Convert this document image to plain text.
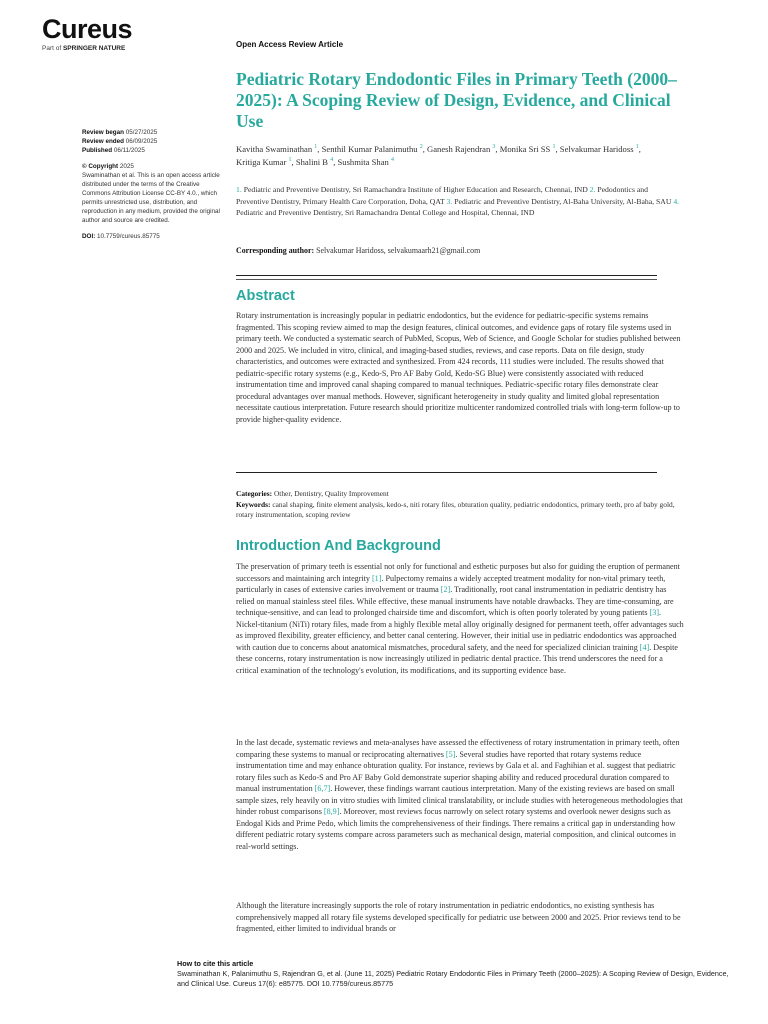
Cureus
Part of SPRINGER NATURE	Open Access Review Article
Pediatric Rotary Endodontic Files in Primary Teeth (2000–2025): A Scoping Review of Design, Evidence, and Clinical Use
Review began 05/27/2025
Review ended 06/09/2025
Published 06/11/2025
© Copyright 2025
Swaminathan et al. This is an open access article distributed under the terms of the Creative Commons Attribution License CC-BY 4.0., which permits unrestricted use, distribution, and reproduction in any medium, provided the original author and source are credited.
DOI: 10.7759/cureus.85775
Kavitha Swaminathan $^1$, Senthil Kumar Palanimuthu $^2$, Ganesh Rajendran $^3$, Monika Sri SS $^1$, Selvakumar Haridoss $^1$, Kritiga Kumar $^1$, Shalini B $^4$, Sushmita Shan $^4$
1. Pediatric and Preventive Dentistry, Sri Ramachandra Institute of Higher Education and Research, Chennai, IND 2. Pedodontics and Preventive Dentistry, Primary Health Care Corporation, Doha, QAT 3. Pediatric and Preventive Dentistry, Al-Baha University, Al-Baha, SAU 4. Pediatric and Preventive Dentistry, Sri Ramachandra Dental College and Hospital, Chennai, IND
Corresponding author: Selvakumar Haridoss, selvakumaarh21@gmail.com
Abstract

Rotary instrumentation is increasingly popular in pediatric endodontics, but the evidence for pediatric-specific systems remains fragmented. This scoping review aimed to map the design features, clinical outcomes, and evidence gaps of rotary file systems used in primary teeth. We conducted a systematic search of PubMed, Scopus, Web of Science, and Google Scholar for studies published between 2000 and 2025. We included in vitro, clinical, and imaging-based studies, reviews, and case reports. Data on file design, study characteristics, and outcomes were extracted and synthesized. From 424 records, 111 studies were included. The results showed that pediatric-specific rotary systems (e.g., Kedo-S, Pro AF Baby Gold, Kedo-SG Blue) were consistently associated with reduced instrumentation time and improved canal shaping compared to manual techniques. Pediatric-specific rotary files demonstrate clear procedural advantages over manual methods. However, significant heterogeneity in study quality and limited global representation necessitate cautious interpretation. Future research should prioritize multicenter randomized controlled trials with long-term follow-up to provide higher-quality evidence.

Categories: Other, Dentistry, Quality Improvement
Keywords: canal shaping, finite element analysis, kedo-s, niti rotary files, obturation quality, pediatric endodontics, primary teeth, pro af baby gold, rotary instrumentation, scoping review
Introduction And Background

The preservation of primary teeth is essential not only for functional and esthetic purposes but also for guiding the eruption of permanent successors and maintaining arch integrity [1]. Pulpectomy remains a widely accepted treatment modality for non-vital primary teeth, particularly in cases of extensive caries involvement or trauma [2]. Traditionally, root canal instrumentation in pediatric dentistry has relied on manual stainless steel files. While effective, these manual instruments have notable drawbacks. They are time-consuming, are technique-sensitive, and can lead to prolonged chairside time and discomfort, which is often poorly tolerated by young patients [3]. Nickel-titanium (NiTi) rotary files, made from a highly flexible metal alloy originally designed for permanent teeth, offer advantages such as improved flexibility, greater efficiency, and better canal centering. However, their initial use in pediatric endodontics was approached with caution due to concerns about anatomical mismatches, procedural safety, and the need for specialized clinician training [4]. Despite these concerns, rotary instrumentation is now increasingly utilized in pediatric dental practice. This trend underscores the need for a critical examination of the technology's evolution, its modifications, and its supporting evidence base.

In the last decade, systematic reviews and meta-analyses have assessed the effectiveness of rotary instrumentation in primary teeth, often comparing these systems to manual or reciprocating alternatives [5]. Several studies have reported that rotary systems reduce instrumentation time and may enhance obturation quality. For instance, reviews by Gala et al. and Faghihian et al. suggest that pediatric rotary files such as Kedo-S and Pro AF Baby Gold demonstrate superior shaping ability and reduced procedural duration compared to manual instrumentation [6,7]. However, these findings warrant cautious interpretation. Many of the existing reviews are based on small sample sizes, rely heavily on in vitro studies with limited clinical translatability, or include studies with heterogeneous methodologies that hinder robust comparisons [8,9]. Moreover, most reviews focus narrowly on select rotary systems and overlook newer designs such as Endogal Kids and Prime Pedo, which limits the comprehensiveness of their findings. There remains a critical gap in understanding how different pediatric rotary systems compare across parameters such as mechanical design, material composition, and clinical outcomes in real-world settings.

Although the literature increasingly supports the role of rotary instrumentation in pediatric endodontics, no existing synthesis has comprehensively mapped all rotary file systems developed specifically for pediatric use between 2000 and 2025. Prior reviews tend to be fragmented, either limited to individual brands or

How to cite this article
Swaminathan K, Palanimuthu S, Rajendran G, et al. (June 11, 2025) Pediatric Rotary Endodontic Files in Primary Teeth (2000–2025): A Scoping Review of Design, Evidence, and Clinical Use. Cureus 17(6): e85775. DOI 10.7759/cureus.85775
